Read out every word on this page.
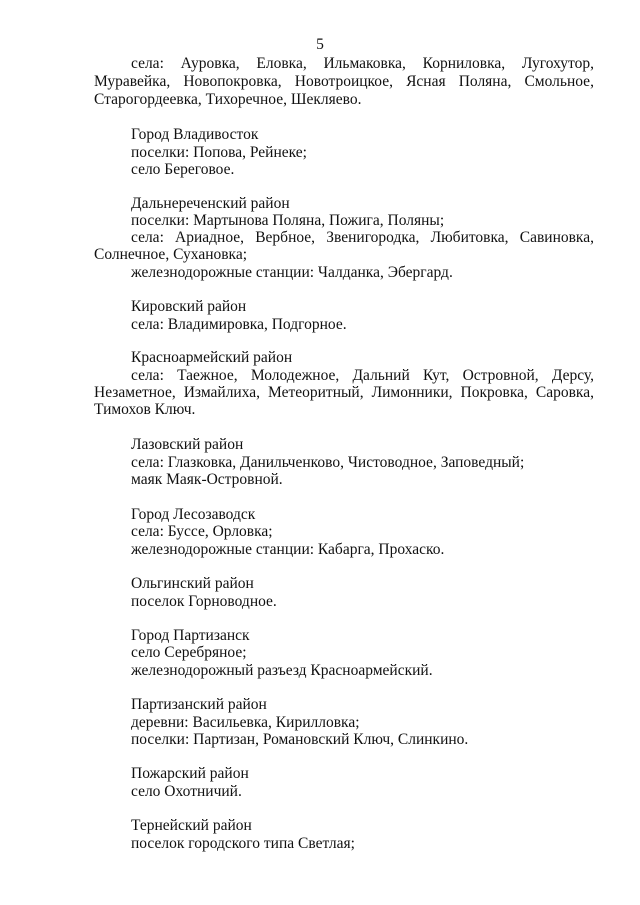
5
села: Ауровка, Еловка, Ильмаковка, Корниловка, Лугохутор,
Муравейка, Новопокровка, Новотроицкое, Ясная Поляна, Смольное,
Старогордеевка, Тихоречное, Шекляево.
Город Владивосток
поселки: Попова, Рейнеке;
село Береговое.
Дальнереченский район
поселки: Мартынова Поляна, Пожига, Поляны;
села: Ариадное, Вербное, Звенигородка, Любитовка, Савиновка,
Солнечное, Сухановка;
железнодорожные станции: Чалданка, Эбергард.
Кировский район
села: Владимировка, Подгорное.
Красноармейский район
села: Таежное, Молодежное, Дальний Кут, Островной, Дерсу,
Незаметное, Измайлиха, Метеоритный, Лимонники, Покровка, Саровка,
Тимохов Ключ.
Лазовский район
села: Глазковка, Данильченково, Чистоводное, Заповедный;
маяк Маяк-Островной.
Город Лесозаводск
села: Буссе, Орловка;
железнодорожные станции: Кабарга, Прохаско.
Ольгинский район
поселок Горноводное.
Город Партизанск
село Серебряное;
железнодорожный разъезд Красноармейский.
Партизанский район
деревни: Васильевка, Кирилловка;
поселки: Партизан, Романовский Ключ, Слинкино.
Пожарский район
село Охотничий.
Тернейский район
поселок городского типа Светлая;
